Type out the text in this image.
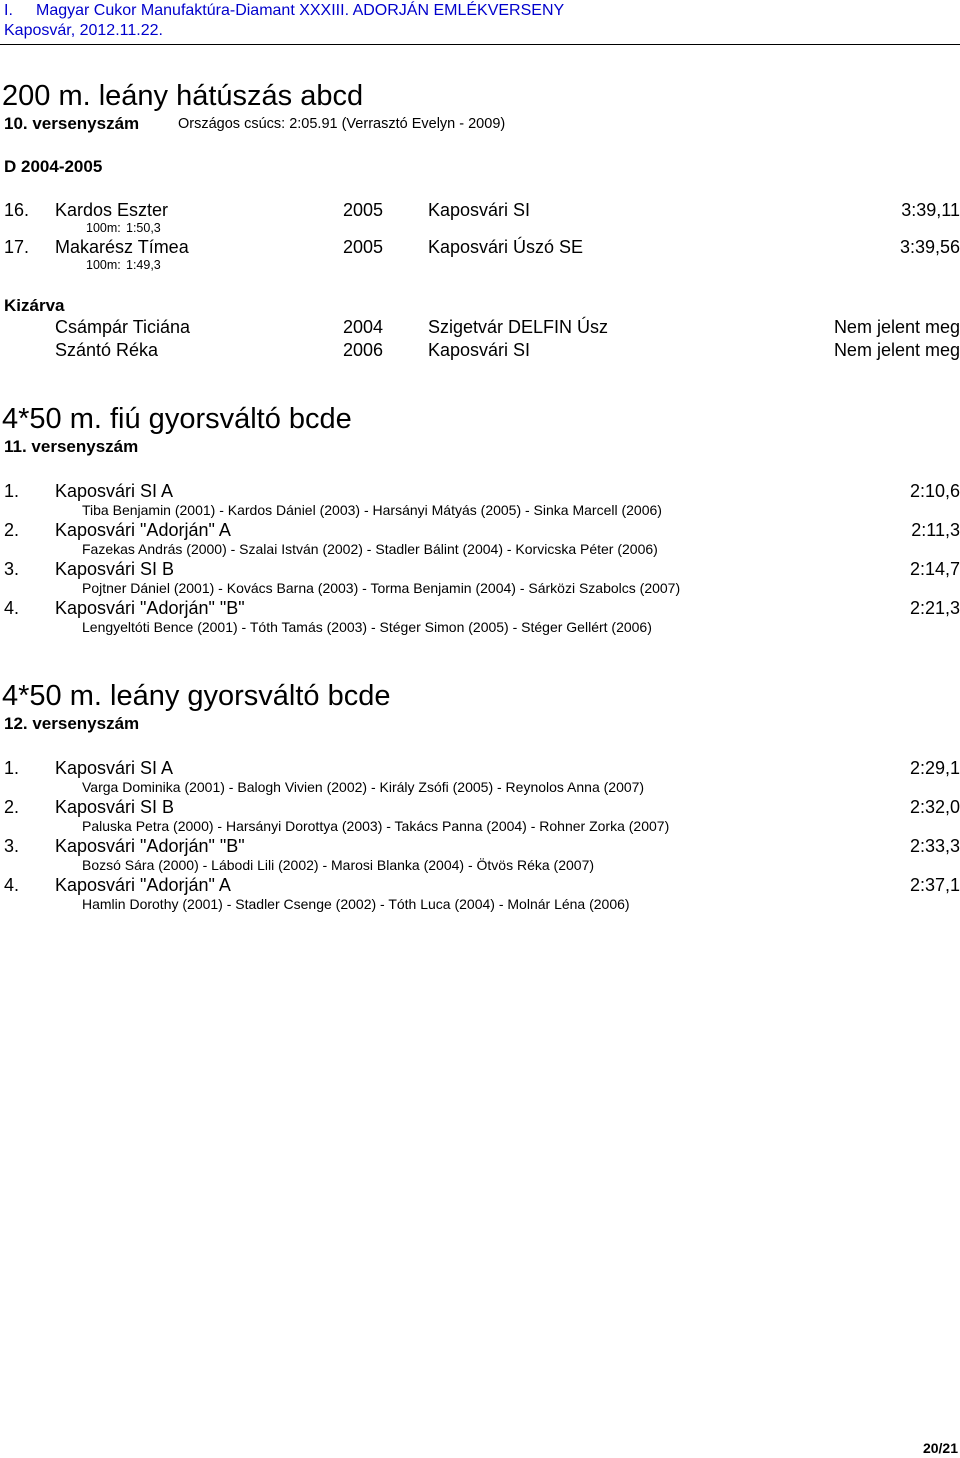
I. Magyar Cukor Manufaktúra-Diamant XXXIII. ADORJÁN EMLÉKVERSENY
Kaposvár, 2012.11.22.
200 m. leány hátúszás abcd
10. versenyszám	Országos csúcs: 2:05.91 (Verrasztó Evelyn - 2009)
D 2004-2005
16. Kardos Eszter	2005 Kaposvári SI	3:39,11
100m: 1:50,3
17. Makarész Tímea	2005 Kaposvári Úszó SE	3:39,56
100m: 1:49,3
Kizárva
Csámpár Ticiána	2004 Szigetvár DELFIN Úsz	Nem jelent meg
Szántó Réka	2006 Kaposvári SI	Nem jelent meg
4*50 m. fiú gyorsváltó bcde
11. versenyszám
1. Kaposvári SI A	2:10,6
Tiba Benjamin (2001) - Kardos Dániel (2003) - Harsányi Mátyás (2005) - Sinka Marcell (2006)
2. Kaposvári "Adorján" A	2:11,3
Fazekas András (2000) - Szalai István (2002) - Stadler Bálint (2004) - Korvicska Péter (2006)
3. Kaposvári SI B	2:14,7
Pojtner Dániel (2001) - Kovács Barna (2003) - Torma Benjamin (2004) - Sárközi Szabolcs (2007)
4. Kaposvári "Adorján" "B"	2:21,3
Lengyeltóti Bence (2001) - Tóth Tamás (2003) - Stéger Simon (2005) - Stéger Gellért (2006)
4*50 m. leány gyorsváltó bcde
12. versenyszám
1. Kaposvári SI A	2:29,1
Varga Dominika (2001) - Balogh Vivien (2002) - Király Zsófi (2005) - Reynolos Anna (2007)
2. Kaposvári SI B	2:32,0
Paluska Petra (2000) - Harsányi Dorottya (2003) - Takács Panna (2004) - Rohner Zorka (2007)
3. Kaposvári "Adorján" "B"	2:33,3
Bozsó Sára (2000) - Lábodi Lili (2002) - Marosi Blanka (2004) - Ötvös Réka (2007)
4. Kaposvári "Adorján" A	2:37,1
Hamlin Dorothy (2001) - Stadler Csenge (2002) - Tóth Luca (2004) - Molnár Léna (2006)
20/21
